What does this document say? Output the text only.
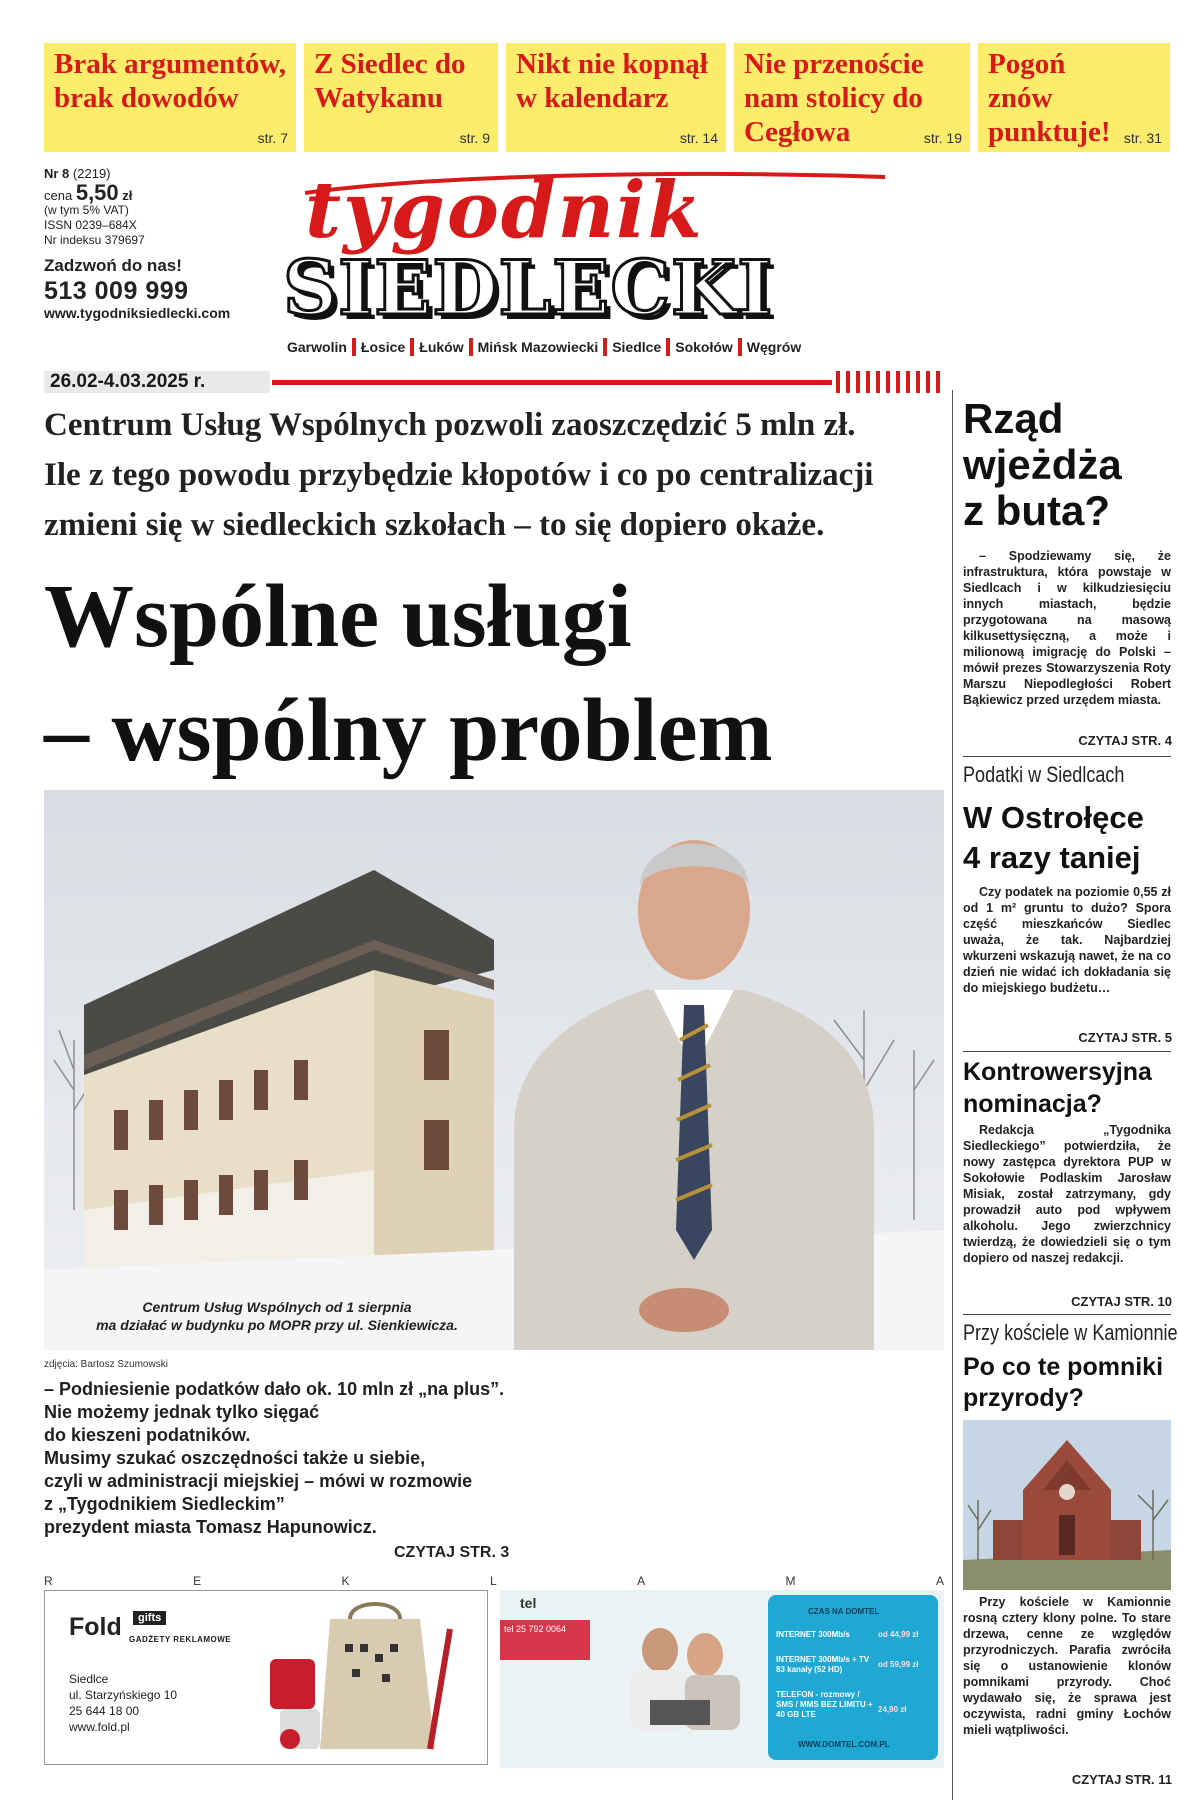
Brak argumentów, brak dowodów
str. 7
Z Siedlec do Watykanu
str. 9
Nikt nie kopnął w kalendarz
str. 14
Nie przenoście nam stolicy do Cegłowa	str. 19
Pogoń znów punktuje! str. 31
Nr 8 (2219)
cena 5,50 zł
(w tym 5% VAT)
ISSN 0239–684X
Nr indeksu 379697
Zadzwoń do nas!
513 009 999
www.tygodniksiedlecki.com
tygodnik
SIEDLECKI
Garwolin	Łosice	Łuków	Mińsk Mazowiecki	Siedlce	Sokołów	Węgrów
26.02-4.03.2025 r.
Centrum Usług Wspólnych pozwoli zaoszczędzić 5 mln zł.
Ile z tego powodu przybędzie kłopotów i co po centralizacji
zmieni się w siedleckich szkołach – to się dopiero okaże.
Wspólne usługi
– wspólny problem
Centrum Usług Wspólnych od 1 sierpnia
ma działać w budynku po MOPR przy ul. Sienkiewicza.
zdjęcia: Bartosz Szumowski
– Podniesienie podatków dało ok. 10 mln zł „na plus”.
Nie możemy jednak tylko sięgać
do kieszeni podatników.
Musimy szukać oszczędności także u siebie,
czyli w administracji miejskiej – mówi w rozmowie
z „Tygodnikiem Siedleckim”
prezydent miasta Tomasz Hapunowicz.
CZYTAJ STR. 3
R	E	K	L	A	M	A
Fold	gifts
GADŻETY REKLAMOWE
Siedlce
ul. Starzyńskiego 10
25 644 18 00
www.fold.pl
tel
tel 25 792 0064
CZAS NA DOMTEL
INTERNET 300Mb/s	od 44,99 zł
INTERNET 300Mb/s + TV 83 kanały (52 HD)
od 59,99 zł
TELEFON - rozmowy / SMS / MMS BEZ LIMITU + 40 GB LTE
24,90 zł
WWW.DOMTEL.COM.PL
Rząd
wjeżdża
z buta?
– Spodziewamy się, że infrastruktura, która powstaje w Siedlcach i w kilkudziesięciu innych miastach, będzie przygotowana na masową kilkusettysięczną, a może i milionową imigrację do Polski – mówił prezes Stowarzyszenia Roty Marszu Niepodległości Robert Bąkiewicz przed urzędem miasta.
CZYTAJ STR. 4
Podatki w Siedlcach
W Ostrołęce
4 razy taniej
Czy podatek na poziomie 0,55 zł od 1 m² gruntu to dużo? Spora część mieszkańców Siedlec uważa, że tak. Najbardziej wkurzeni wskazują nawet, że na co dzień nie widać ich dokładania się do miejskiego budżetu…
CZYTAJ STR. 5
Kontrowersyjna
nominacja?
Redakcja „Tygodnika Siedleckiego” potwierdziła, że nowy zastępca dyrektora PUP w Sokołowie Podlaskim Jarosław Misiak, został zatrzymany, gdy prowadził auto pod wpływem alkoholu. Jego zwierzchnicy twierdzą, że dowiedzieli się o tym dopiero od naszej redakcji.
CZYTAJ STR. 10
Przy kościele w Kamionnie
Po co te pomniki
przyrody?
Przy kościele w Kamionnie rosną cztery klony polne. To stare drzewa, cenne ze względów przyrodniczych. Parafia zwróciła się o ustanowienie klonów pomnikami przyrody. Choć wydawało się, że sprawa jest oczywista, radni gminy Łochów mieli wątpliwości.
CZYTAJ STR. 11
